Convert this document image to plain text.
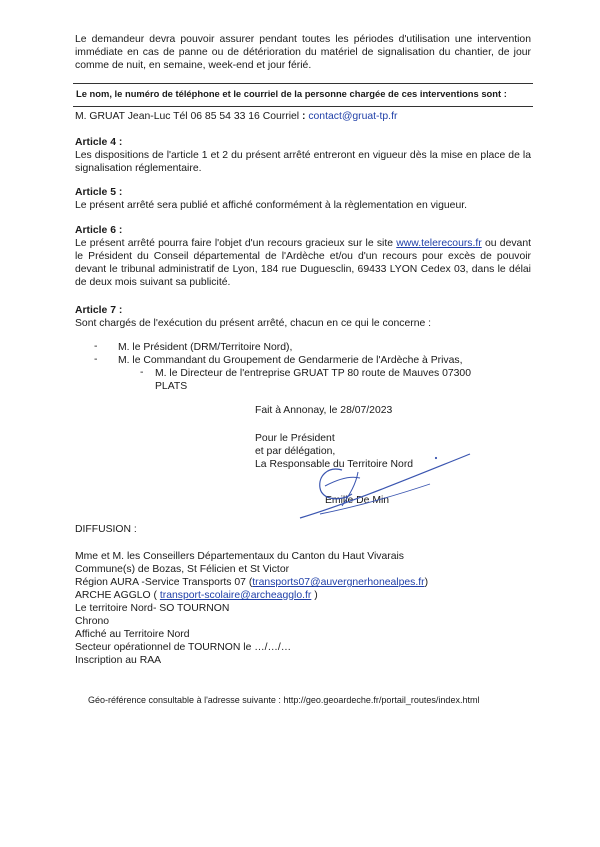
Le demandeur devra pouvoir assurer pendant toutes les périodes d'utilisation une intervention immédiate en cas de panne ou de détérioration du matériel de signalisation du chantier, de jour comme de nuit, en semaine, week-end et jour férié.

Le nom, le numéro de téléphone et le courriel de la personne chargée de ces interventions sont :

M. GRUAT Jean-Luc Tél 06 85 54 33 16 Courriel : contact@gruat-tp.fr

Article 4 :

Les dispositions de l'article 1 et 2 du présent arrêté entreront en vigueur dès la mise en place de la signalisation réglementaire.

Article 5 :

Le présent arrêté sera publié et affiché conformément à la règlementation en vigueur.

Article 6 :

Le présent arrêté pourra faire l'objet d'un recours gracieux sur le site www.telerecours.fr ou devant le Président du Conseil départemental de l'Ardèche et/ou d'un recours pour excès de pouvoir devant le tribunal administratif de Lyon, 184 rue Duguesclin, 69433 LYON Cedex 03, dans le délai de deux mois suivant sa publicité.

Article 7 :

Sont chargés de l'exécution du présent arrêté, chacun en ce qui le concerne :

- M. le Président (DRM/Territoire Nord),

- M. le Commandant du Groupement de Gendarmerie de l'Ardèche à Privas,

- M. le Directeur de l'entreprise GRUAT TP 80 route de Mauves 07300

PLATS

Fait à Annonay, le 28/07/2023

Pour le Président

et par délégation,

La Responsable du Territoire Nord

Emilie De Min

DIFFUSION :

Mme et M. les Conseillers Départementaux du Canton du Haut Vivarais

Commune(s) de Bozas, St Félicien et St Victor

Région AURA -Service Transports 07 (transports07@auvergnerhonealpes.fr)

ARCHE AGGLO ( transport-scolaire@archeagglo.fr )

Le territoire Nord- SO TOURNON

Chrono

Affiché au Territoire Nord

Secteur opérationnel de TOURNON le …/…/…

Inscription au RAA

Géo-référence consultable à l'adresse suivante : http://geo.geoardeche.fr/portail_routes/index.html
